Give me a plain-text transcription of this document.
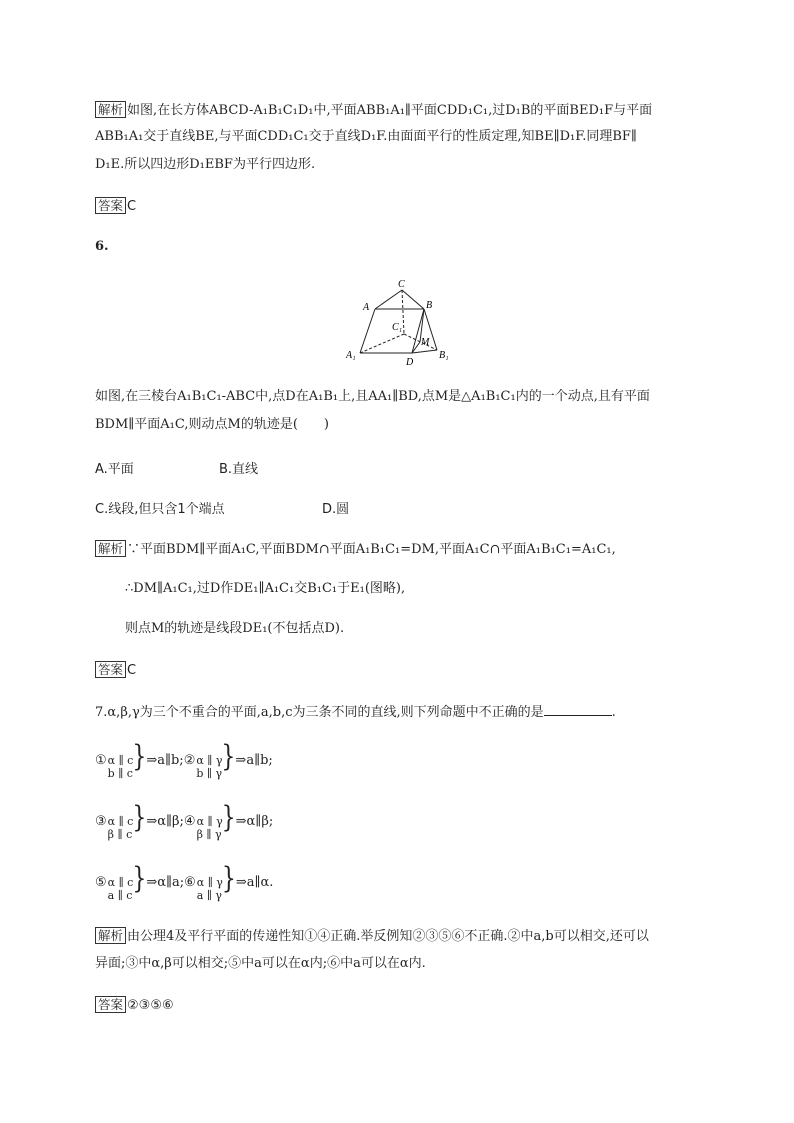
解析 如图,在长方体ABCD-A₁B₁C₁D₁中,平面ABB₁A₁∥平面CDD₁C₁,过D₁B的平面BED₁F与平面
ABB₁A₁交于直线BE,与平面CDD₁C₁交于直线D₁F.由面面平行的性质定理,知BE∥D₁F.同理BF∥
D₁E.所以四边形D₁EBF为平行四边形.
答案 C
6.
C
A	B
C₁
M
A₁
D
B₁
如图,在三棱台A₁B₁C₁-ABC中,点D在A₁B₁上,且AA₁∥BD,点M是△A₁B₁C₁内的一个动点,且有平面
BDM∥平面A₁C,则动点M的轨迹是(　　)
A.平面	B.直线
C.线段,但只含1个端点	D.圆
解析 ∵平面BDM∥平面A₁C,平面BDM∩平面A₁B₁C₁=DM,平面A₁C∩平面A₁B₁C₁=A₁C₁,
∴DM∥A₁C₁,过D作DE₁∥A₁C₁交B₁C₁于E₁(图略),
则点M的轨迹是线段DE₁(不包括点D).
答案 C
7.α,β,γ为三个不重合的平面,a,b,c为三条不同的直线,则下列命题中不正确的是	.
① α ∥ c
b ∥ c }⇒a∥b; ② α ∥ γ
b ∥ γ }⇒a∥b;
③ α ∥ c
β ∥ c }⇒α∥β; ④ α ∥ γ
β ∥ γ }⇒α∥β;
⑤ α ∥ c
a ∥ c }⇒α∥a; ⑥ α ∥ γ
a ∥ γ }⇒a∥α.
解析 由公理4及平行平面的传递性知①④正确.举反例知②③⑤⑥不正确.②中a,b可以相交,还可以
异面;③中α,β可以相交;⑤中a可以在α内;⑥中a可以在α内.
答案 ②③⑤⑥
